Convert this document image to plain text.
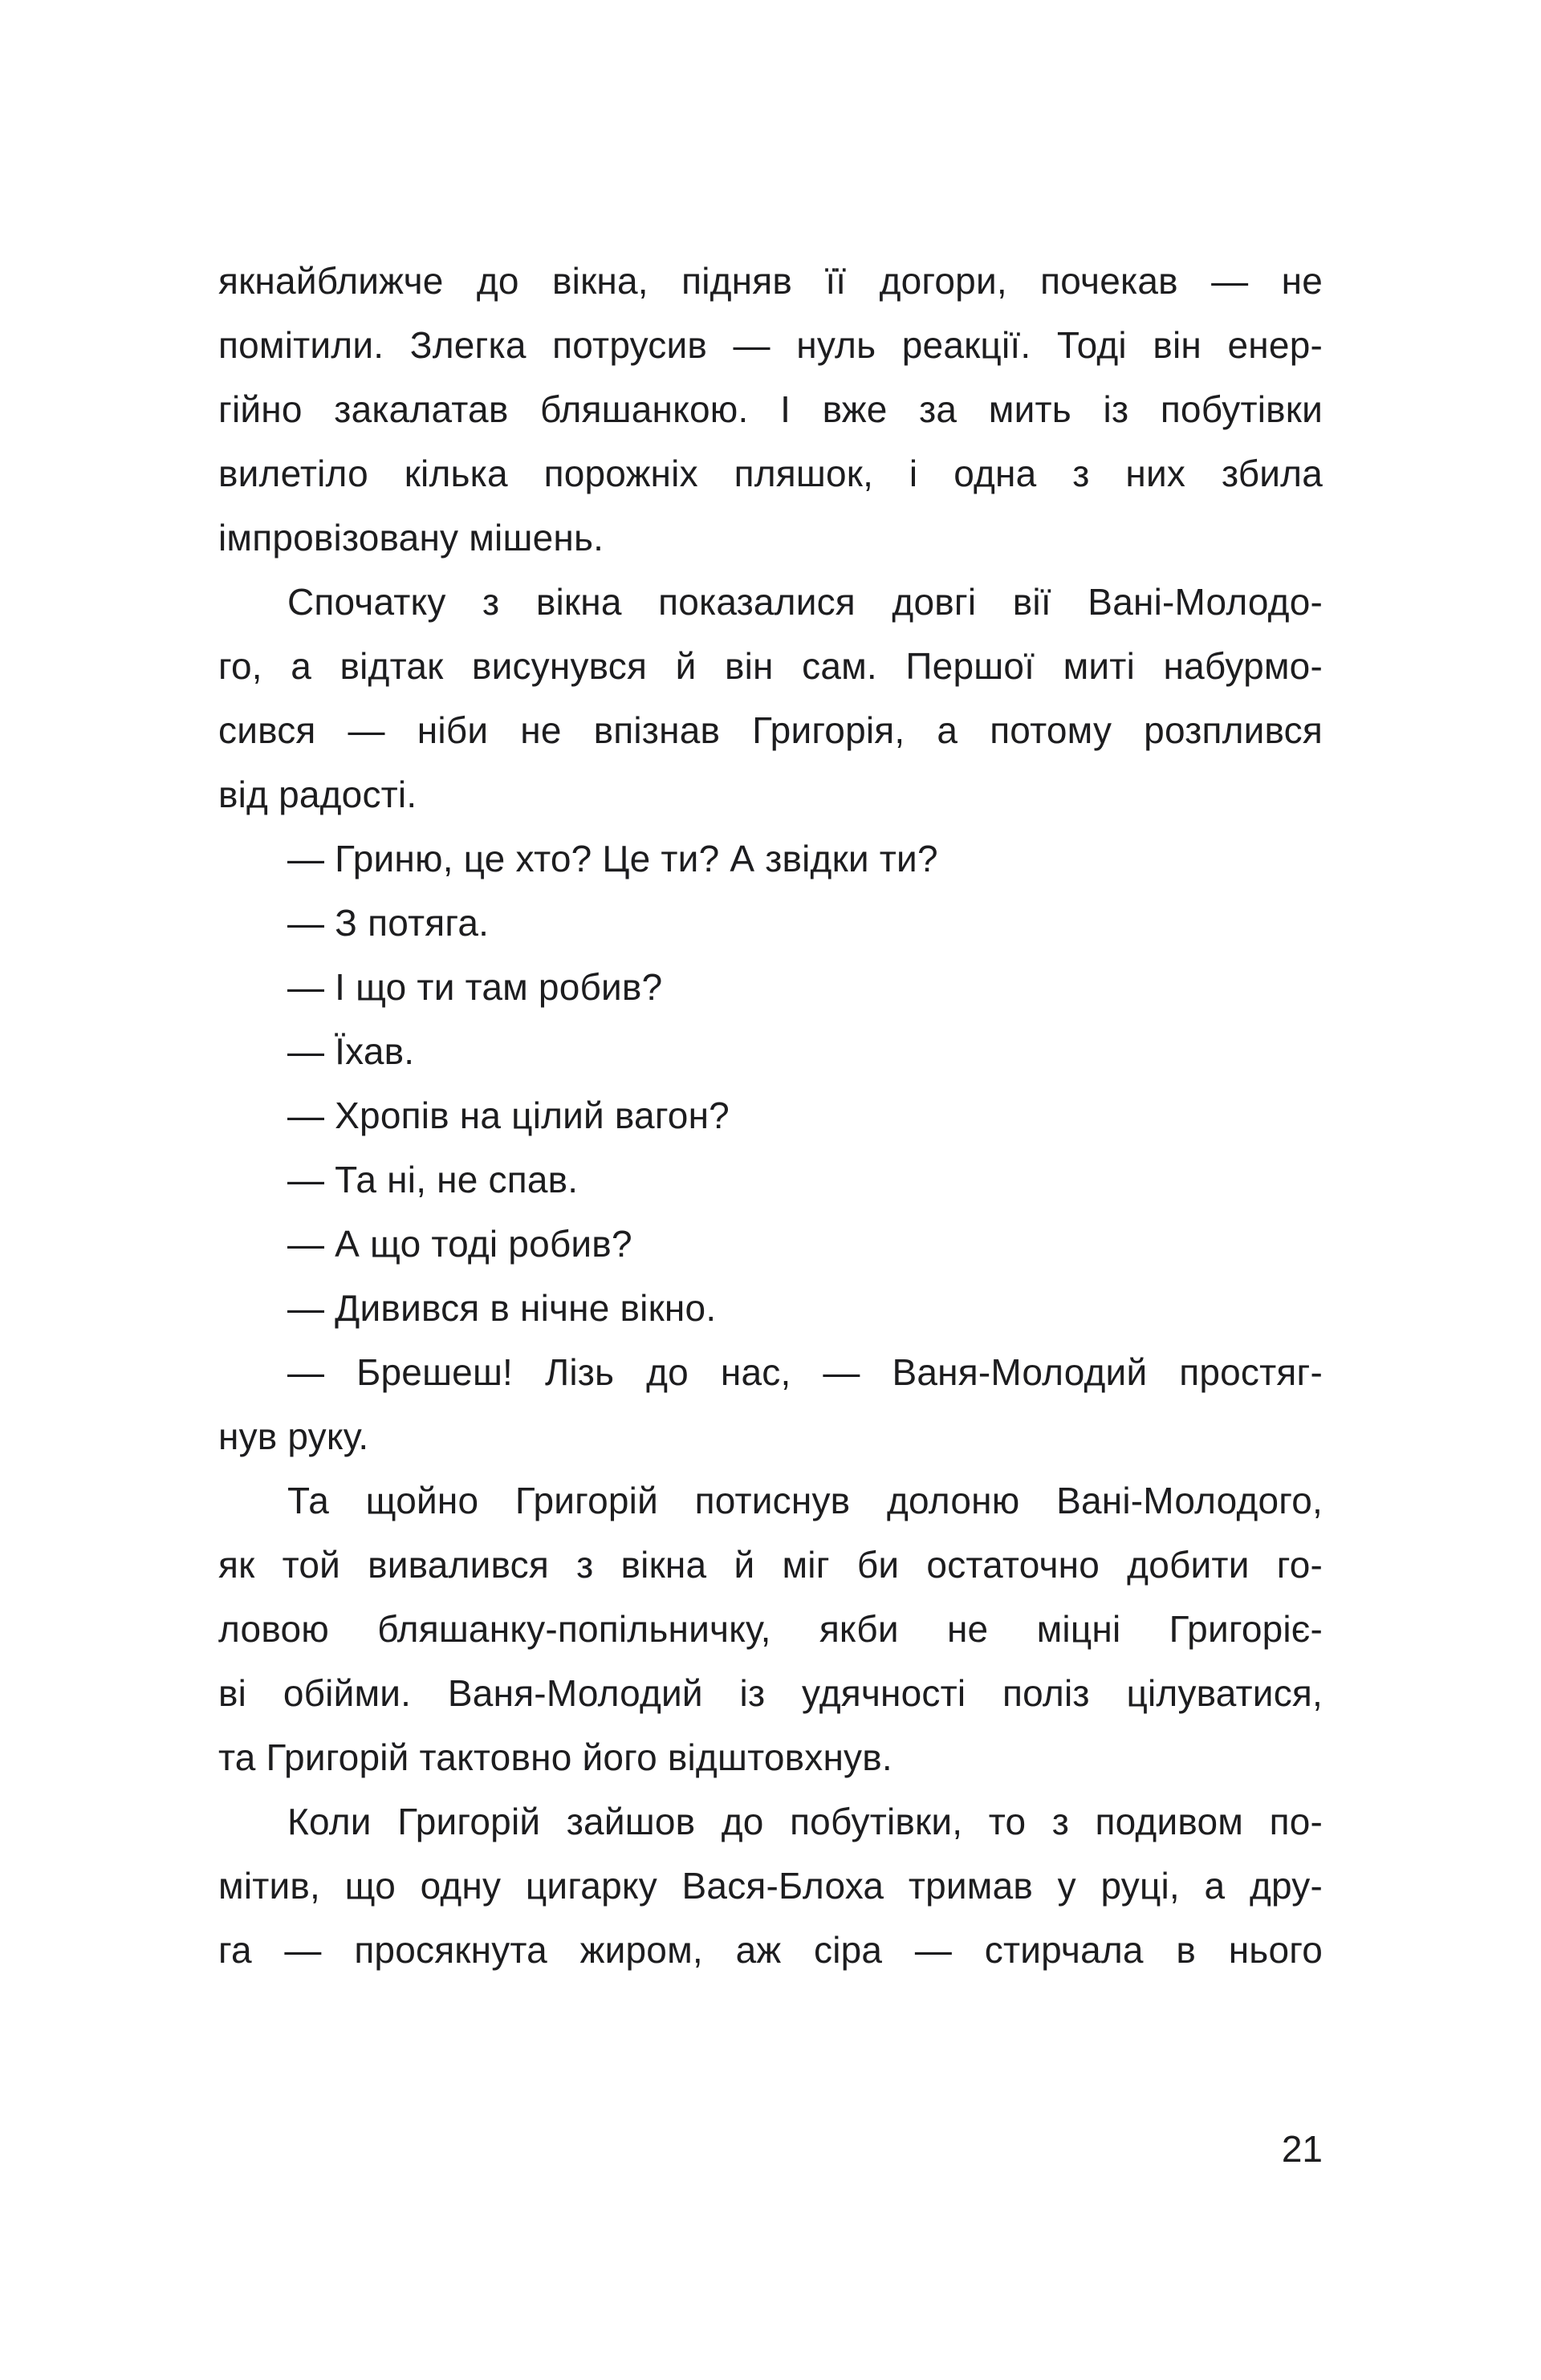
якнайближче до вікна, підняв її догори, почекав — не
помітили. Злегка потрусив — нуль реакції. Тоді він енер-
гійно закалатав бляшанкою. І вже за мить із побутівки
вилетіло кілька порожніх пляшок, і одна з них збила
імпровізовану мішень.
Спочатку з вікна показалися довгі вії Вані-Молодо-
го, а відтак висунувся й він сам. Першої миті набурмо-
сився — ніби не впізнав Григорія, а потому розплився
від радості.
— Гриню, це хто? Це ти? А звідки ти?
— З потяга.
— І що ти там робив?
— Їхав.
— Хропів на цілий вагон?
— Та ні, не спав.
— А що тоді робив?
— Дивився в нічне вікно.
— Брешеш! Лізь до нас, — Ваня-Молодий простяг-
нув руку.
Та щойно Григорій потиснув долоню Вані-Молодого,
як той вивалився з вікна й міг би остаточно добити го-
ловою бляшанку-попільничку, якби не міцні Григоріє-
ві обійми. Ваня-Молодий із удячності поліз цілуватися,
та Григорій тактовно його відштовхнув.
Коли Григорій зайшов до побутівки, то з подивом по-
мітив, що одну цигарку Вася-Блоха тримав у руці, а дру-
га — просякнута жиром, аж сіра — стирчала в нього
21
